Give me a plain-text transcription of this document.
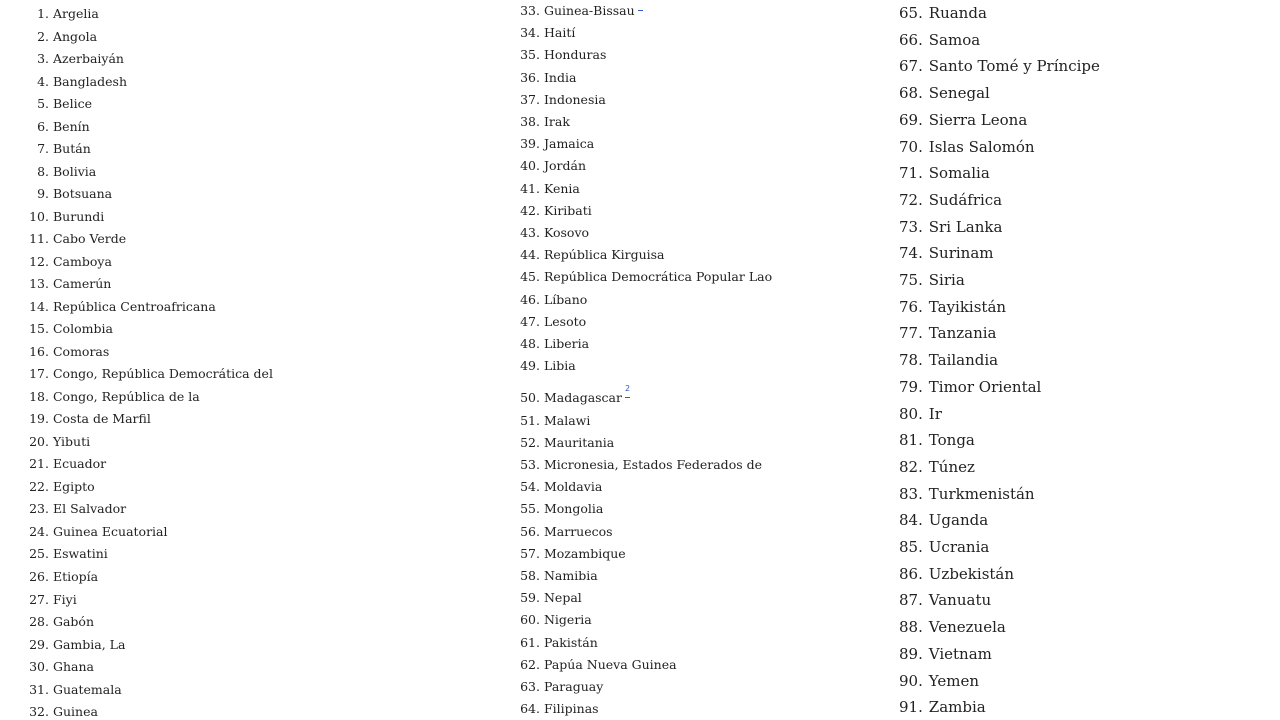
1. Argelia
2. Angola
3. Azerbaiyán
4. Bangladesh
5. Belice
6. Benín
7. Bután
8. Bolivia
9. Botsuana
10. Burundi
11. Cabo Verde
12. Camboya
13. Camerún
14. República Centroafricana
15. Colombia
16. Comoras
17. Congo, República Democrática del
18. Congo, República de la
19. Costa de Marfil
20. Yibuti
21. Ecuador
22. Egipto
23. El Salvador
24. Guinea Ecuatorial
25. Eswatini
26. Etiopía
27. Fiyi
28. Gabón
29. Gambia, La
30. Ghana
31. Guatemala
32. Guinea
33. Guinea-Bissau
34. Haití
35. Honduras
36. India
37. Indonesia
38. Irak
39. Jamaica
40. Jordán
41. Kenia
42. Kiribati
43. Kosovo
44. República Kirguisa
45. República Democrática Popular Lao
46. Líbano
47. Lesoto
48. Liberia
49. Libia
50. Madagascar
2
51. Malawi
52. Mauritania
53. Micronesia, Estados Federados de
54. Moldavia
55. Mongolia
56. Marruecos
57. Mozambique
58. Namibia
59. Nepal
60. Nigeria
61. Pakistán
62. Papúa Nueva Guinea
63. Paraguay
64. Filipinas
65. Ruanda
66. Samoa
67. Santo Tomé y Príncipe
68. Senegal
69. Sierra Leona
70. Islas Salomón
71. Somalia
72. Sudáfrica
73. Sri Lanka
74. Surinam
75. Siria
76. Tayikistán
77. Tanzania
78. Tailandia
79. Timor Oriental
80. Ir
81. Tonga
82. Túnez
83. Turkmenistán
84. Uganda
85. Ucrania
86. Uzbekistán
87. Vanuatu
88. Venezuela
89. Vietnam
90. Yemen
91. Zambia
